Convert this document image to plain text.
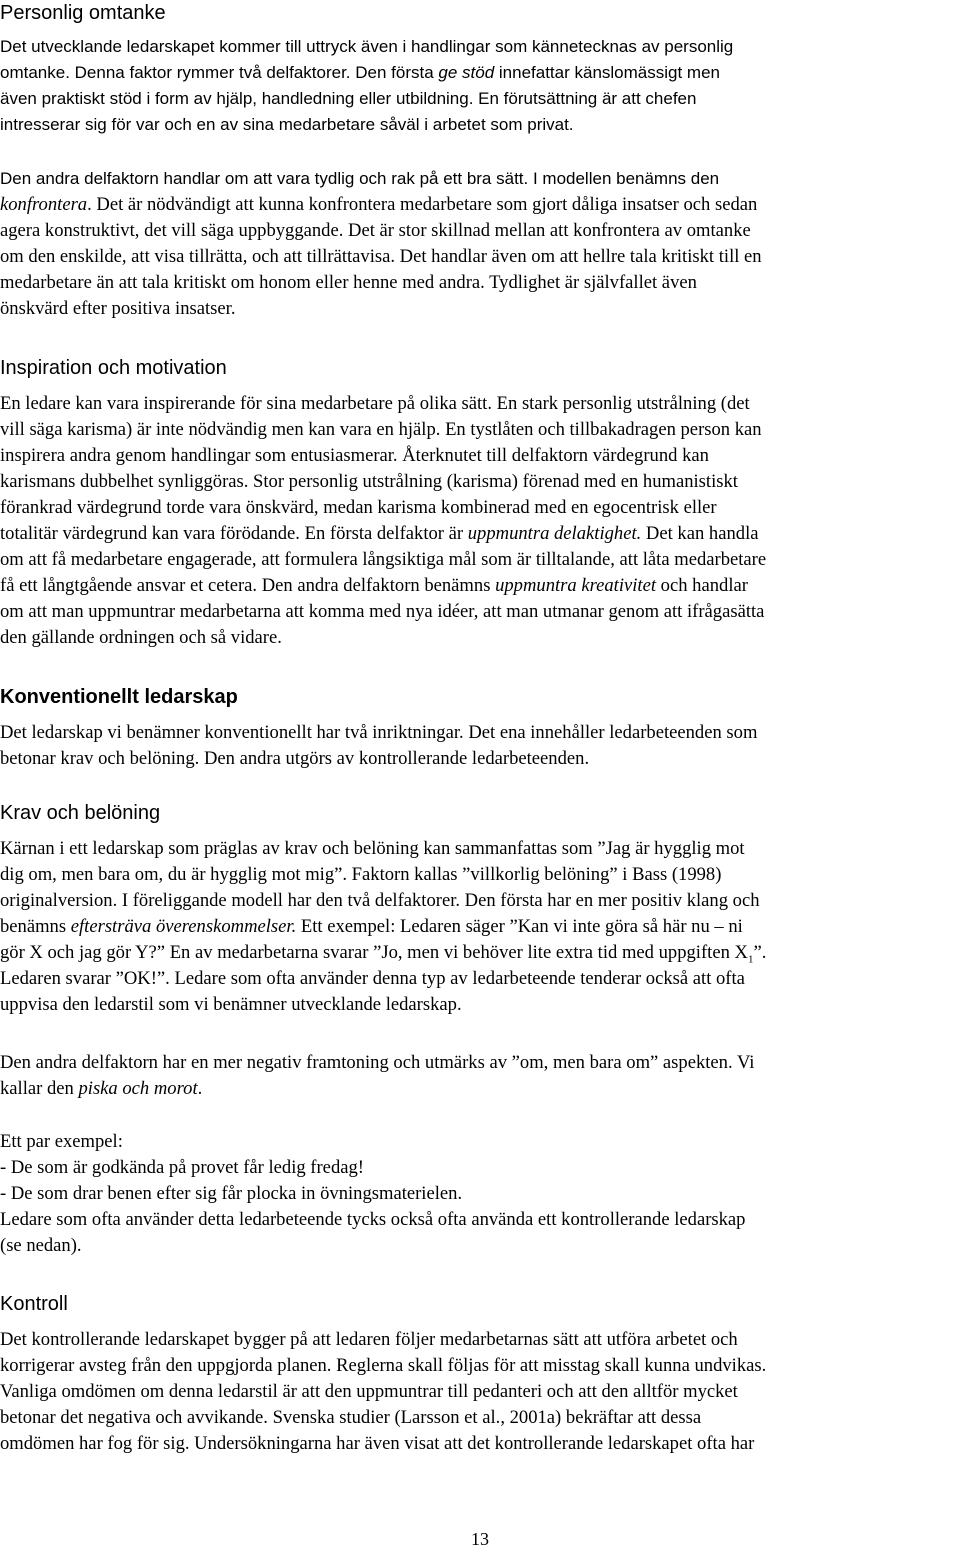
Personlig omtanke
Det utvecklande ledarskapet kommer till uttryck även i handlingar som kännetecknas av personlig
omtanke. Denna faktor rymmer två delfaktorer. Den första ge stöd innefattar känslomässigt men
även praktiskt stöd i form av hjälp, handledning eller utbildning. En förutsättning är att chefen
intresserar sig för var och en av sina medarbetare såväl i arbetet som privat.
Den andra delfaktorn handlar om att vara tydlig och rak på ett bra sätt. I modellen benämns den
konfrontera. Det är nödvändigt att kunna konfrontera medarbetare som gjort dåliga insatser och sedan
agera konstruktivt, det vill säga uppbyggande. Det är stor skillnad mellan att konfrontera av omtanke
om den enskilde, att visa tillrätta, och att tillrättavisa. Det handlar även om att hellre tala kritiskt till en
medarbetare än att tala kritiskt om honom eller henne med andra. Tydlighet är självfallet även
önskvärd efter positiva insatser.
Inspiration och motivation
En ledare kan vara inspirerande för sina medarbetare på olika sätt. En stark personlig utstrålning (det
vill säga karisma) är inte nödvändig men kan vara en hjälp. En tystlåten och tillbakadragen person kan
inspirera andra genom handlingar som entusiasmerar. Återknutet till delfaktorn värdegrund kan
karismans dubbelhet synliggöras. Stor personlig utstrålning (karisma) förenad med en humanistiskt
förankrad värdegrund torde vara önskvärd, medan karisma kombinerad med en egocentrisk eller
totalitär värdegrund kan vara förödande. En första delfaktor är uppmuntra delaktighet. Det kan handla
om att få medarbetare engagerade, att formulera långsiktiga mål som är tilltalande, att låta medarbetare
få ett långtgående ansvar et cetera. Den andra delfaktorn benämns uppmuntra kreativitet och handlar
om att man uppmuntrar medarbetarna att komma med nya idéer, att man utmanar genom att ifrågasätta
den gällande ordningen och så vidare.
Konventionellt ledarskap
Det ledarskap vi benämner konventionellt har två inriktningar. Det ena innehåller ledarbeteenden som
betonar krav och belöning. Den andra utgörs av kontrollerande ledarbeteenden.
Krav och belöning
Kärnan i ett ledarskap som präglas av krav och belöning kan sammanfattas som ”Jag är hygglig mot
dig om, men bara om, du är hygglig mot mig”. Faktorn kallas ”villkorlig belöning” i Bass (1998)
originalversion. I föreliggande modell har den två delfaktorer. Den första har en mer positiv klang och
benämns eftersträva överenskommelser. Ett exempel: Ledaren säger ”Kan vi inte göra så här nu – ni
gör X och jag gör Y?” En av medarbetarna svarar ”Jo, men vi behöver lite extra tid med uppgiften $X_1$”.
Ledaren svarar ”OK!”. Ledare som ofta använder denna typ av ledarbeteende tenderar också att ofta
uppvisa den ledarstil som vi benämner utvecklande ledarskap.
Den andra delfaktorn har en mer negativ framtoning och utmärks av ”om, men bara om” aspekten. Vi
kallar den piska och morot.
Ett par exempel:
- De som är godkända på provet får ledig fredag!
- De som drar benen efter sig får plocka in övningsmaterielen.
Ledare som ofta använder detta ledarbeteende tycks också ofta använda ett kontrollerande ledarskap
(se nedan).
Kontroll
Det kontrollerande ledarskapet bygger på att ledaren följer medarbetarnas sätt att utföra arbetet och
korrigerar avsteg från den uppgjorda planen. Reglerna skall följas för att misstag skall kunna undvikas.
Vanliga omdömen om denna ledarstil är att den uppmuntrar till pedanteri och att den alltför mycket
betonar det negativa och avvikande. Svenska studier (Larsson et al., 2001a) bekräftar att dessa
omdömen har fog för sig. Undersökningarna har även visat att det kontrollerande ledarskapet ofta har
13
